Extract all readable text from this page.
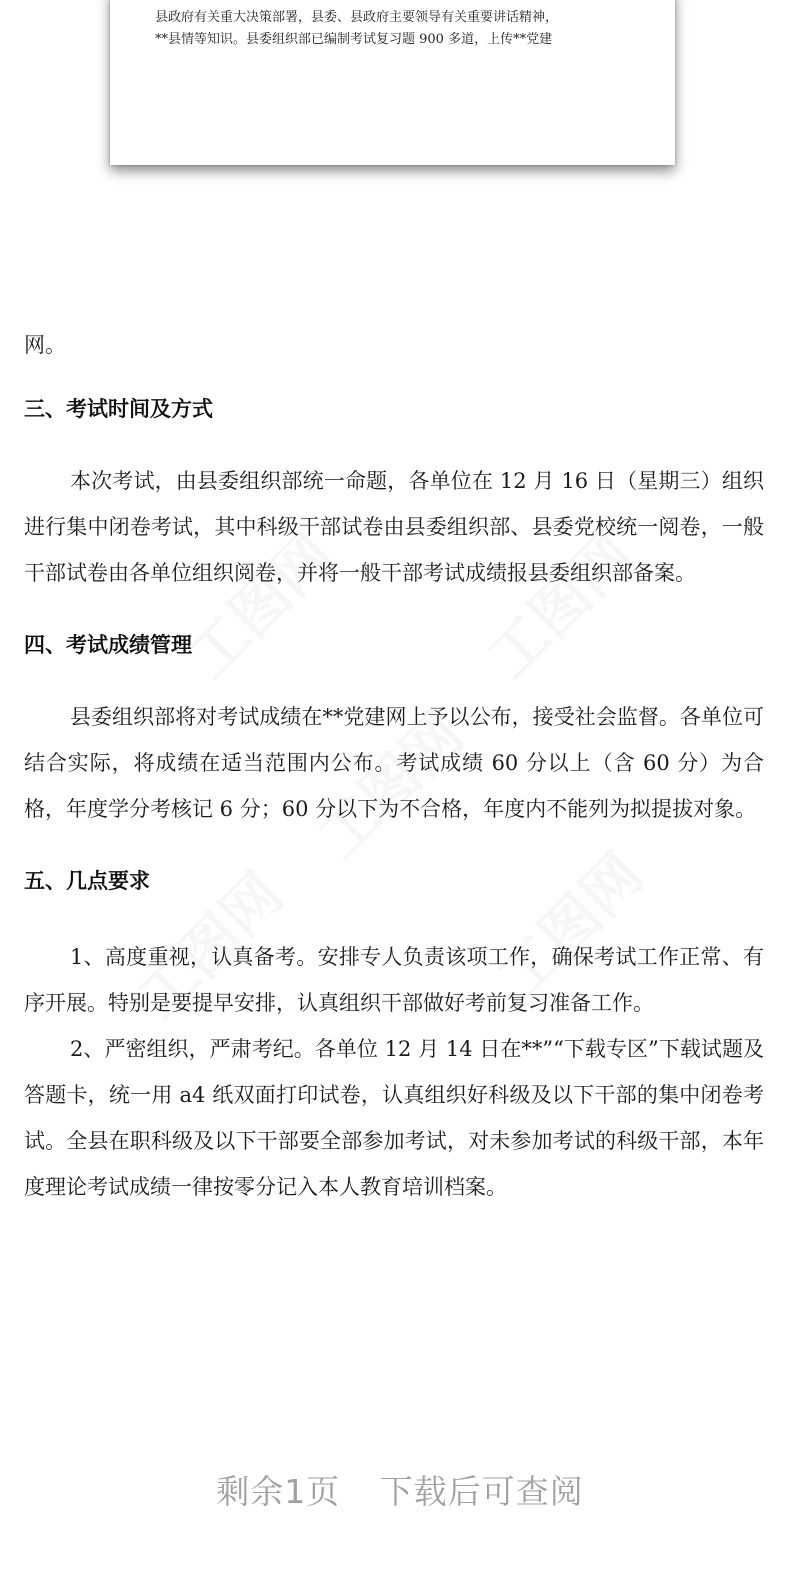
县政府有关重大决策部署，县委、县政府主要领导有关重要讲话精神，
**县情等知识。县委组织部已编制考试复习题 900 多道，上传**党建

网。

三、考试时间及方式

本次考试，由县委组织部统一命题，各单位在 12 月 16 日（星期三）组织进行集中闭卷考试，其中科级干部试卷由县委组织部、县委党校统一阅卷，一般干部试卷由各单位组织阅卷，并将一般干部考试成绩报县委组织部备案。

四、考试成绩管理

县委组织部将对考试成绩在**党建网上予以公布，接受社会监督。各单位可结合实际，将成绩在适当范围内公布。考试成绩 60 分以上（含 60 分）为合格，年度学分考核记 6 分；60 分以下为不合格，年度内不能列为拟提拔对象。

五、几点要求

1、高度重视，认真备考。安排专人负责该项工作，确保考试工作正常、有序开展。特别是要提早安排，认真组织干部做好考前复习准备工作。

2、严密组织，严肃考纪。各单位 12 月 14 日在**”“下载专区”下载试题及答题卡，统一用 a4 纸双面打印试卷，认真组织好科级及以下干部的集中闭卷考试。全县在职科级及以下干部要全部参加考试，对未参加考试的科级干部，本年度理论考试成绩一律按零分记入本人教育培训档案。

剩余1页 下载后可查阅
